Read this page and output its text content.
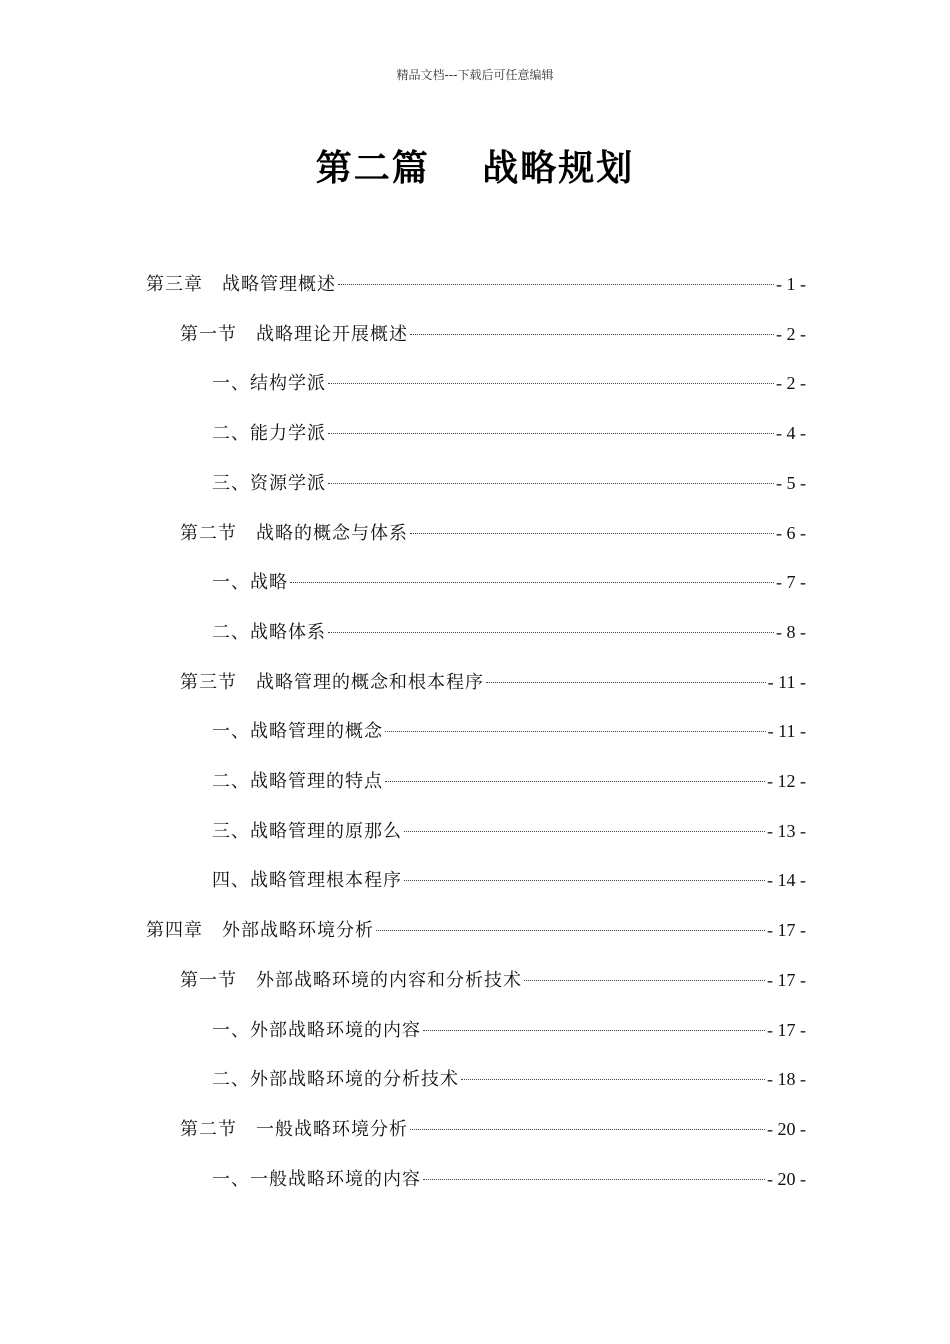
精品文档---下载后可任意编辑
第二篇　 战略规划
第三章　战略管理概述	- 1 -
第一节　战略理论开展概述	- 2 -
一、结构学派	- 2 -
二、能力学派	- 4 -
三、资源学派	- 5 -
第二节　战略的概念与体系	- 6 -
一、战略	- 7 -
二、战略体系	- 8 -
第三节　战略管理的概念和根本程序	- 11 -
一、战略管理的概念	- 11 -
二、战略管理的特点	- 12 -
三、战略管理的原那么	- 13 -
四、战略管理根本程序	- 14 -
第四章　外部战略环境分析	- 17 -
第一节　外部战略环境的内容和分析技术	- 17 -
一、外部战略环境的内容	- 17 -
二、外部战略环境的分析技术	- 18 -
第二节　一般战略环境分析	- 20 -
一、一般战略环境的内容	- 20 -
